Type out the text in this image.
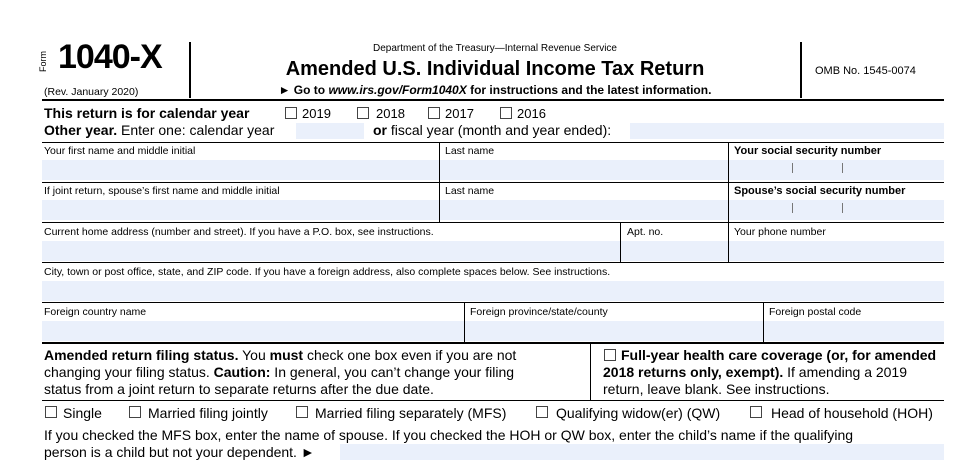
Form 1040-X
(Rev. January 2020)
Department of the Treasury—Internal Revenue Service
Amended U.S. Individual Income Tax Return
► Go to www.irs.gov/Form1040X for instructions and the latest information.
OMB No. 1545-0074
This return is for calendar year	2019	2018	2017	2016
Other year. Enter one: calendar year	or fiscal year (month and year ended):
Your first name and middle initial	Last name	Your social security number
If joint return, spouse’s first name and middle initial	Last name	Spouse’s social security number
Current home address (number and street). If you have a P.O. box, see instructions.	Apt. no.	Your phone number
City, town or post office, state, and ZIP code. If you have a foreign address, also complete spaces below. See instructions.
Foreign country name	Foreign province/state/county	Foreign postal code
Amended return filing status. You must check one box even if you are not
changing your filing status. Caution: In general, you can’t change your filing
status from a joint return to separate returns after the due date.
Full-year health care coverage (or, for amended
2018 returns only, exempt). If amending a 2019
return, leave blank. See instructions.
Single	Married filing jointly	Married filing separately (MFS)	Qualifying widow(er) (QW)	Head of household (HOH)
If you checked the MFS box, enter the name of spouse. If you checked the HOH or QW box, enter the child’s name if the qualifying
person is a child but not your dependent. ►
